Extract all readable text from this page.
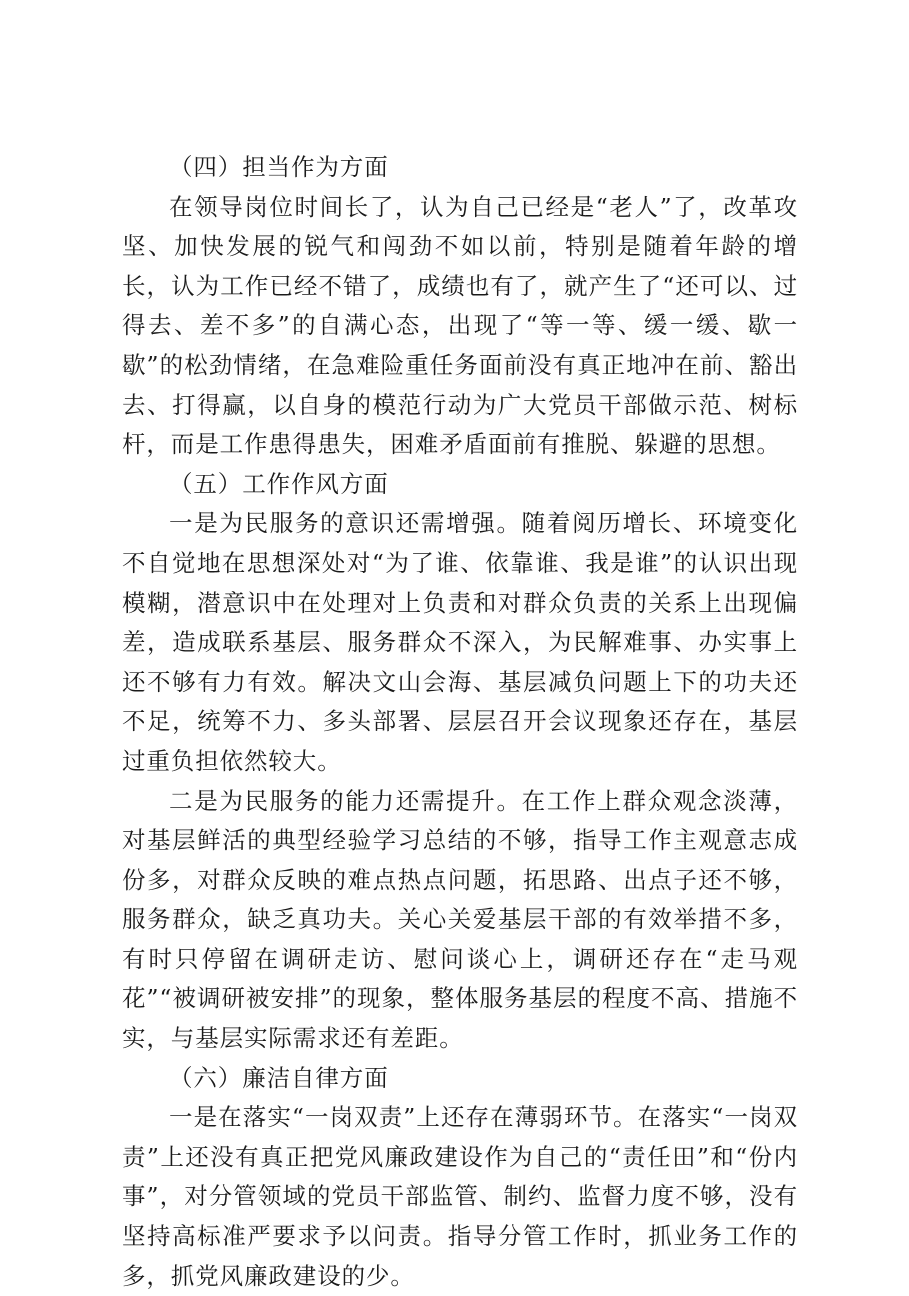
（四）担当作为方面

在领导岗位时间长了，认为自己已经是“老人”了，改革攻坚、加快发展的锐气和闯劲不如以前，特别是随着年龄的增长，认为工作已经不错了，成绩也有了，就产生了“还可以、过得去、差不多”的自满心态，出现了“等一等、缓一缓、歇一歇”的松劲情绪，在急难险重任务面前没有真正地冲在前、豁出去、打得赢，以自身的模范行动为广大党员干部做示范、树标杆，而是工作患得患失，困难矛盾面前有推脱、躲避的思想。

（五）工作作风方面

一是为民服务的意识还需增强。随着阅历增长、环境变化不自觉地在思想深处对“为了谁、依靠谁、我是谁”的认识出现模糊，潜意识中在处理对上负责和对群众负责的关系上出现偏差，造成联系基层、服务群众不深入，为民解难事、办实事上还不够有力有效。解决文山会海、基层减负问题上下的功夫还不足，统筹不力、多头部署、层层召开会议现象还存在，基层过重负担依然较大。

二是为民服务的能力还需提升。在工作上群众观念淡薄，对基层鲜活的典型经验学习总结的不够，指导工作主观意志成份多，对群众反映的难点热点问题，拓思路、出点子还不够，服务群众，缺乏真功夫。关心关爱基层干部的有效举措不多，有时只停留在调研走访、慰问谈心上，调研还存在“走马观花”“被调研被安排”的现象，整体服务基层的程度不高、措施不实，与基层实际需求还有差距。

（六）廉洁自律方面

一是在落实“一岗双责”上还存在薄弱环节。在落实“一岗双责”上还没有真正把党风廉政建设作为自己的“责任田”和“份内事”，对分管领域的党员干部监管、制约、监督力度不够，没有坚持高标准严要求予以问责。指导分管工作时，抓业务工作的多，抓党风廉政建设的少。
